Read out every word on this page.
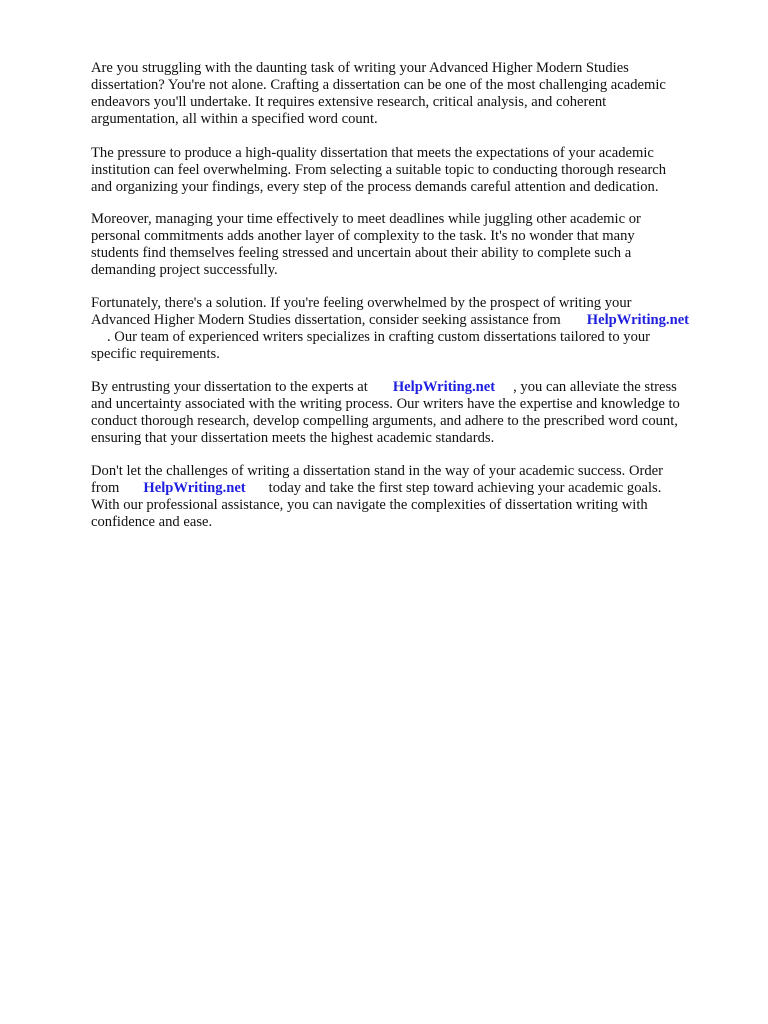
Are you struggling with the daunting task of writing your Advanced Higher Modern Studies
dissertation? You're not alone. Crafting a dissertation can be one of the most challenging academic
endeavors you'll undertake. It requires extensive research, critical analysis, and coherent
argumentation, all within a specified word count.
The pressure to produce a high-quality dissertation that meets the expectations of your academic
institution can feel overwhelming. From selecting a suitable topic to conducting thorough research
and organizing your findings, every step of the process demands careful attention and dedication.
Moreover, managing your time effectively to meet deadlines while juggling other academic or
personal commitments adds another layer of complexity to the task. It's no wonder that many
students find themselves feeling stressed and uncertain about their ability to complete such a
demanding project successfully.
Fortunately, there's a solution. If you're feeling overwhelmed by the prospect of writing your
Advanced Higher Modern Studies dissertation, consider seeking assistance from HelpWriting.net
. Our team of experienced writers specializes in crafting custom dissertations tailored to your
specific requirements.
By entrusting your dissertation to the experts at HelpWriting.net , you can alleviate the stress
and uncertainty associated with the writing process. Our writers have the expertise and knowledge to
conduct thorough research, develop compelling arguments, and adhere to the prescribed word count,
ensuring that your dissertation meets the highest academic standards.
Don't let the challenges of writing a dissertation stand in the way of your academic success. Order
from HelpWriting.net today and take the first step toward achieving your academic goals.
With our professional assistance, you can navigate the complexities of dissertation writing with
confidence and ease.
